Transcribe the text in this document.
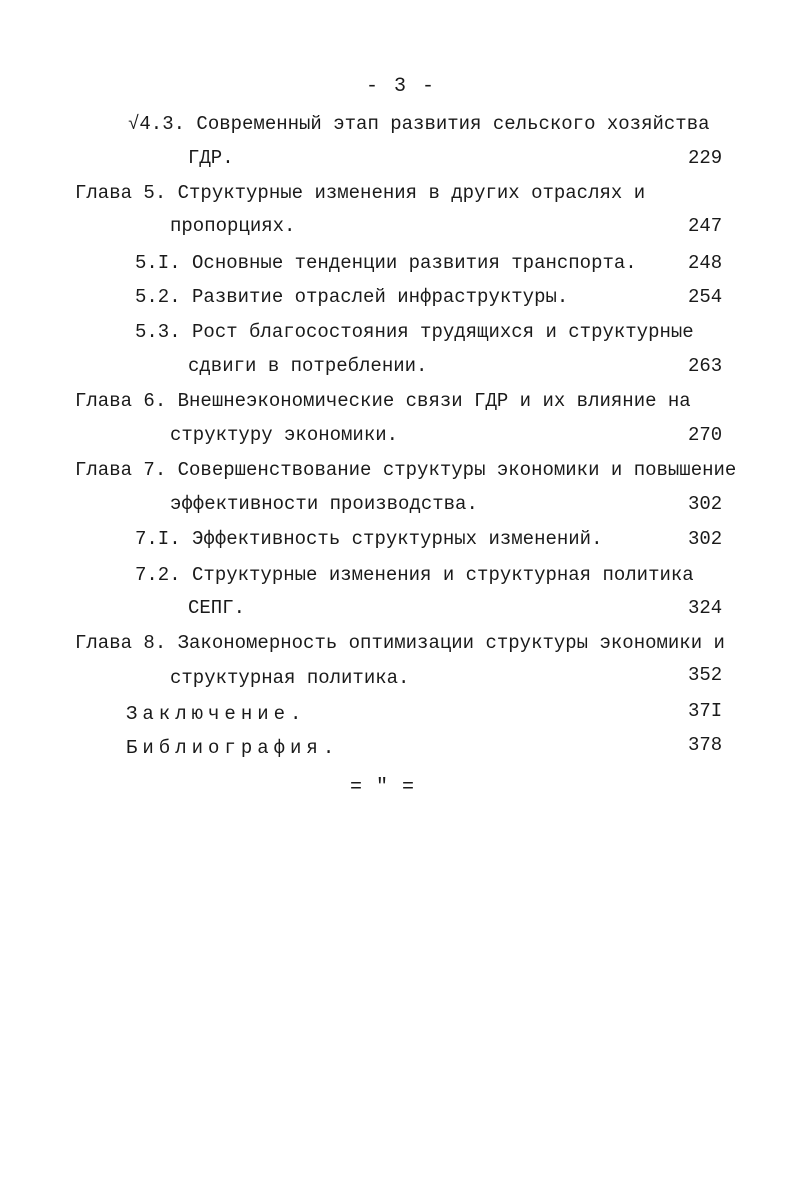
- 3 -
√4.3. Современный этап развития сельского хозяйства
ГДР.	229
Глава 5. Структурные изменения в других отраслях и
пропорциях.	247
5.I. Основные тенденции развития транспорта.	248
5.2. Развитие отраслей инфраструктуры.	254
5.3. Рост благосостояния трудящихся и структурные
сдвиги в потреблении.	263
Глава 6. Внешнеэкономические связи ГДР и их влияние на
структуру экономики.	270
Глава 7. Совершенствование структуры экономики и повышение
эффективности производства.	302
7.I. Эффективность структурных изменений.	302
7.2. Структурные изменения и структурная политика
СЕПГ.	324
Глава 8. Закономерность оптимизации структуры экономики и
структурная политика.	352
Заключение.	37I
Библиография.	378
= " =
